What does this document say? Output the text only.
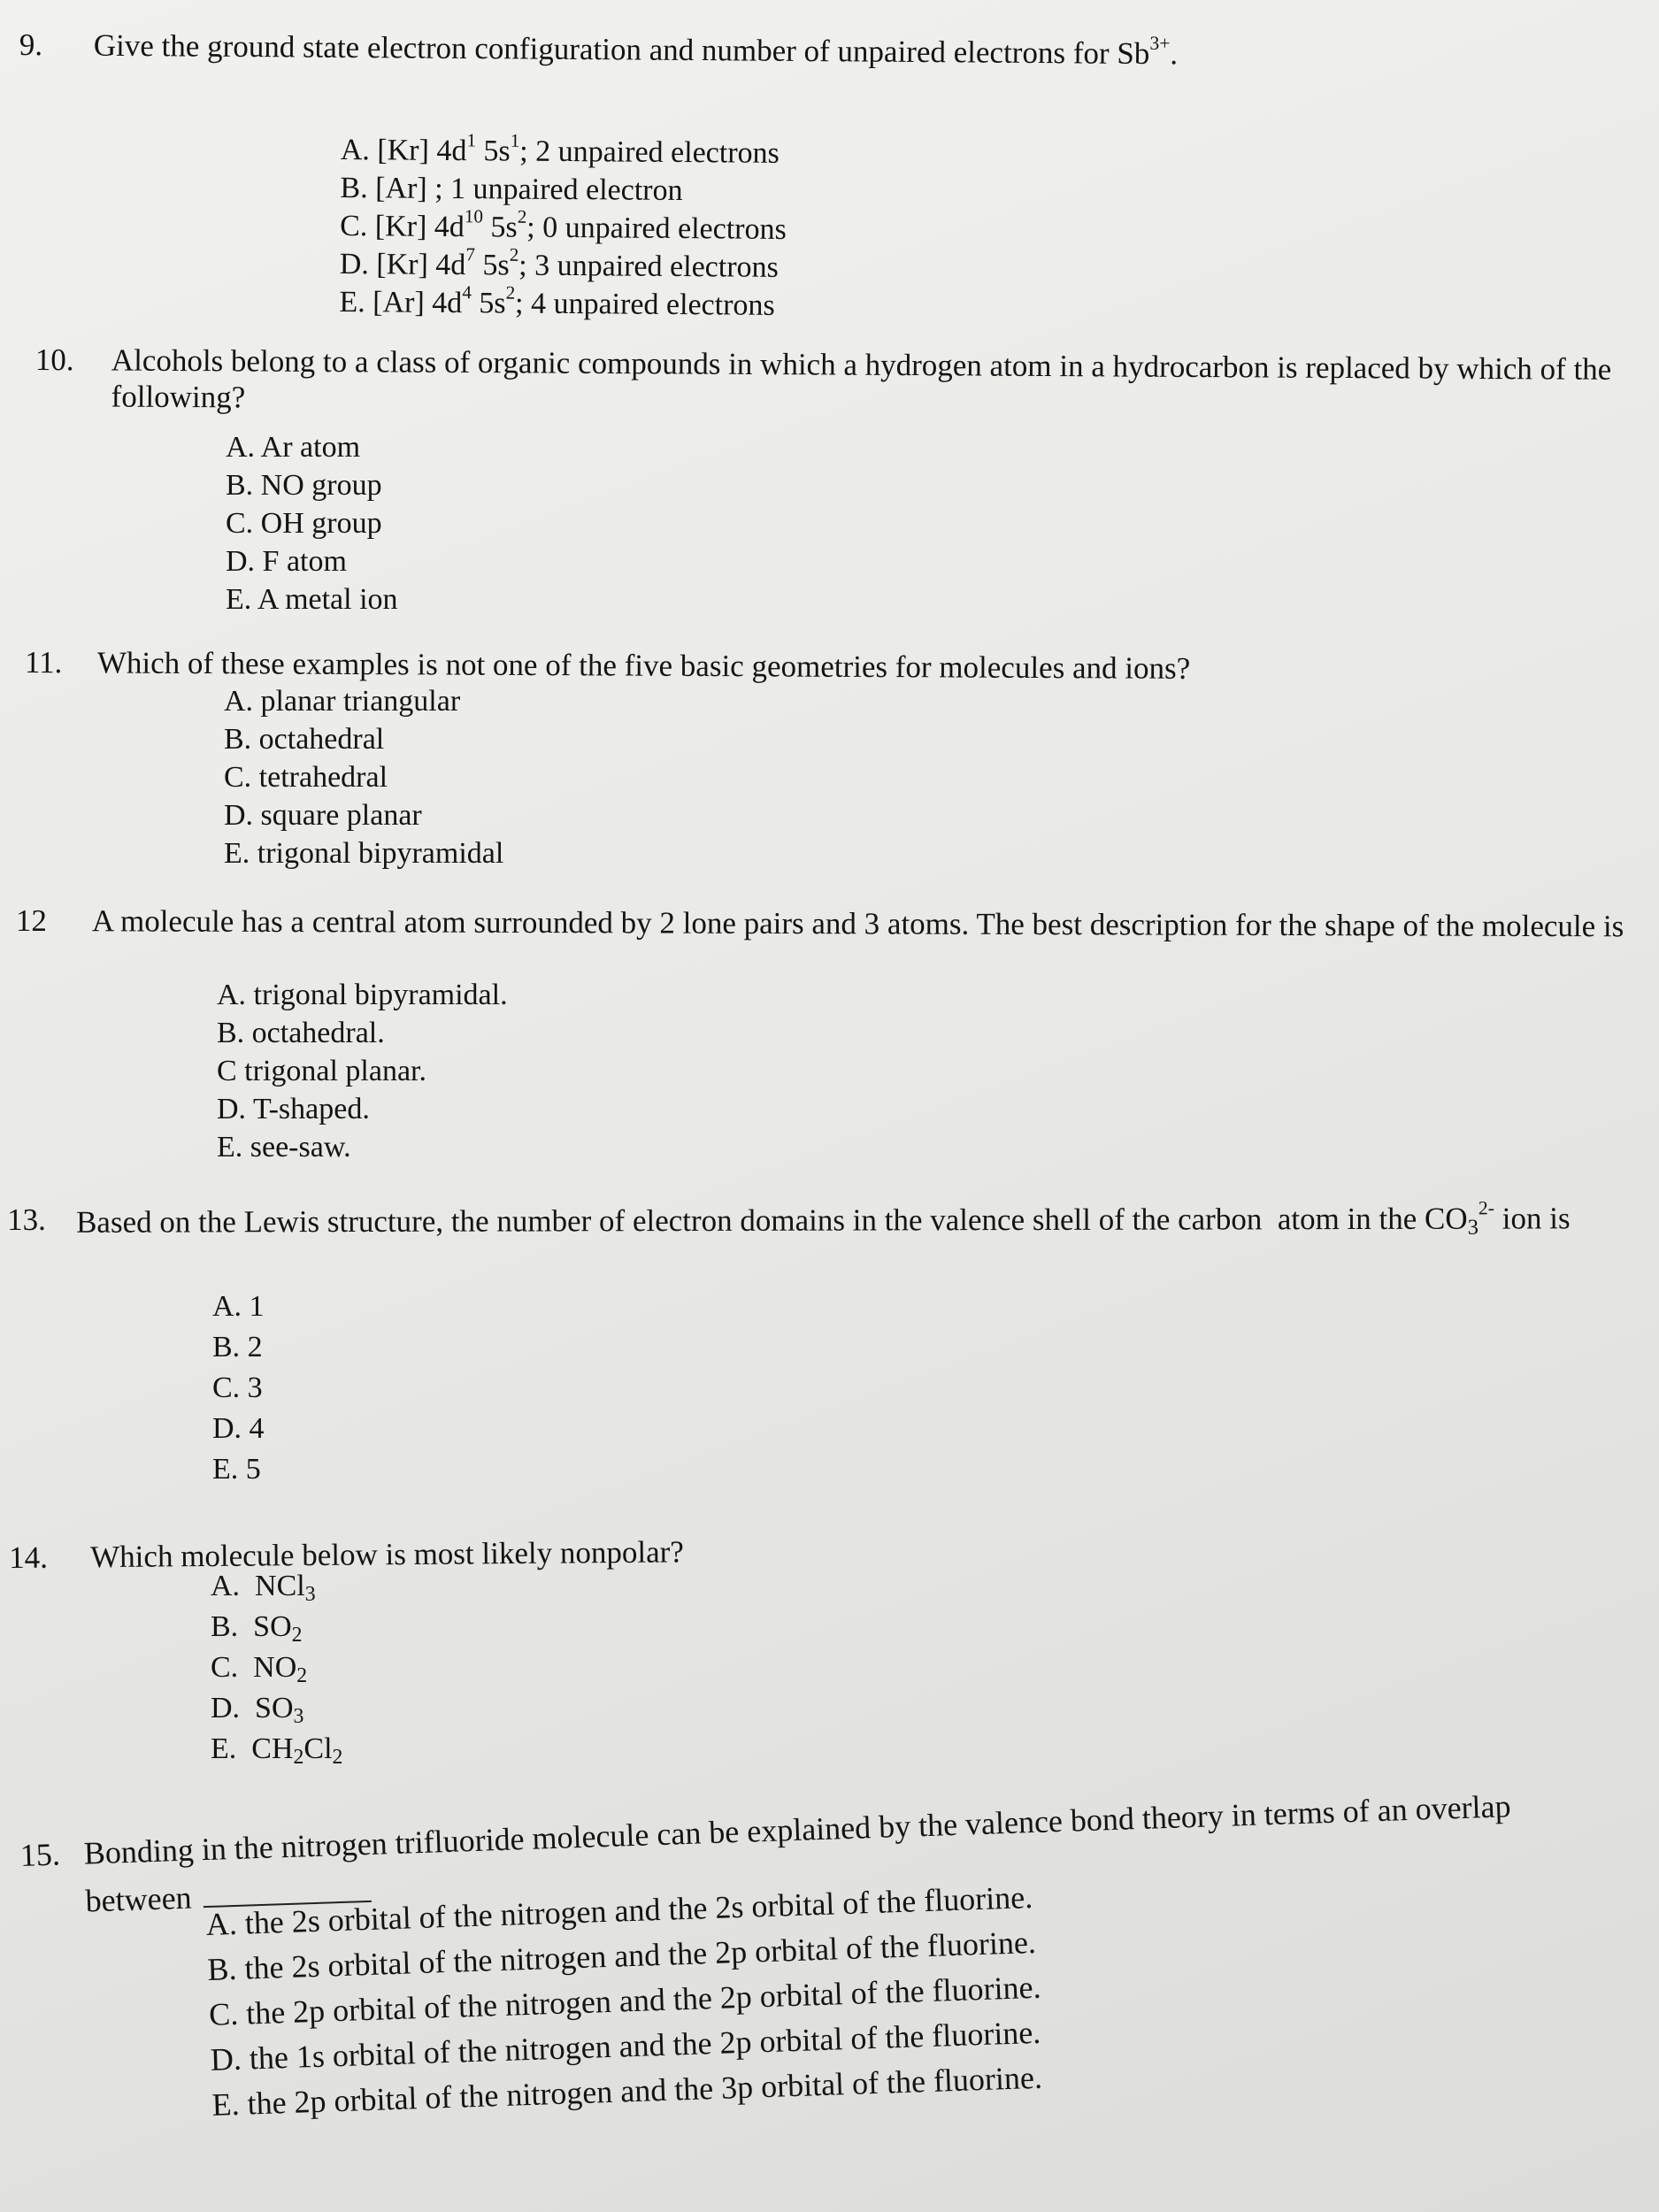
9. Give the ground state electron configuration and number of unpaired electrons for $Sb^{3+}$.
A. [Kr] $4d^1$ $5s^1$; 2 unpaired electrons
B. [Ar] ; 1 unpaired electron
C. [Kr] $4d^{10}$ $5s^2$; 0 unpaired electrons
D. [Kr] $4d^7$ $5s^2$; 3 unpaired electrons
E. [Ar] $4d^4$ $5s^2$; 4 unpaired electrons
10.	Alcohols belong to a class of organic compounds in which a hydrogen atom in a hydrocarbon is replaced by which of the following?
A. Ar atom
B. NO group
C. OH group
D. F atom
E. A metal ion
11. Which of these examples is not one of the five basic geometries for molecules and ions?
A. planar triangular
B. octahedral
C. tetrahedral
D. square planar
E. trigonal bipyramidal
12 A molecule has a central atom surrounded by 2 lone pairs and 3 atoms. The best description for the shape of the molecule is
A. trigonal bipyramidal.
B. octahedral.
C trigonal planar.
D. T-shaped.
E. see-saw.
13. Based on the Lewis structure, the number of electron domains in the valence shell of the carbon  atom in the $CO_3^{2-}$ ion is
A. 1
B. 2
C. 3
D. 4
E. 5
14. Which molecule below is most likely nonpolar?
A.  NCl$_3$
B.  $SO_2$
C.  $NO_2$
D.  $SO_3$
E.  $CH_2Cl_2$
15. Bonding in the nitrogen trifluoride molecule can be explained by the valence bond theory in terms of an overlap between A. the 2s orbital of the nitrogen and the 2s orbital of the fluorine.
B. the 2s orbital of the nitrogen and the 2p orbital of the fluorine.
C. the 2p orbital of the nitrogen and the 2p orbital of the fluorine.
D. the 1s orbital of the nitrogen and the 2p orbital of the fluorine.
E. the 2p orbital of the nitrogen and the 3p orbital of the fluorine.
